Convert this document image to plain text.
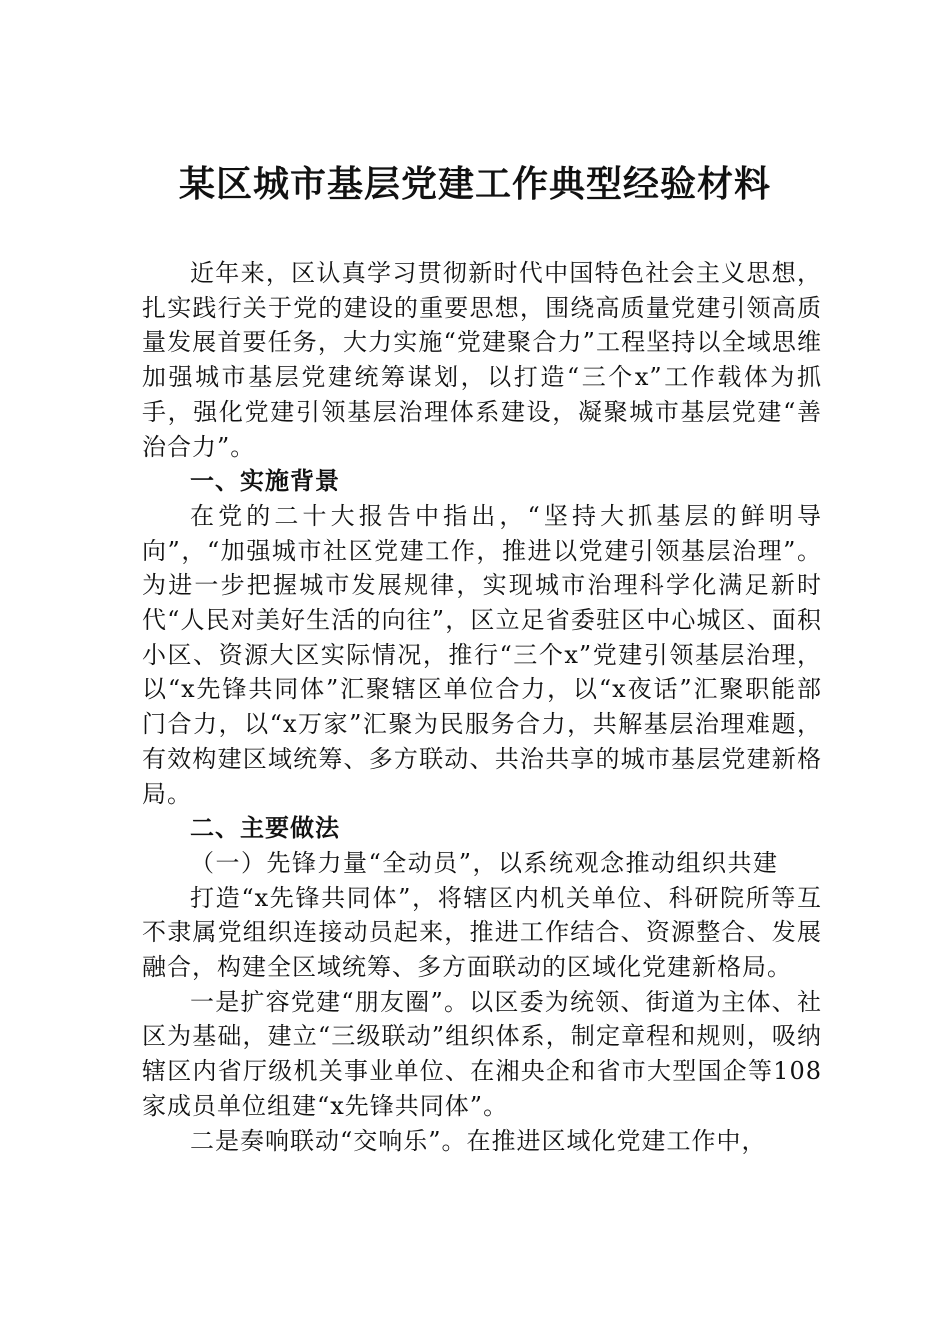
某区城市基层党建工作典型经验材料

近年来，区认真学习贯彻新时代中国特色社会主义思想，扎实践行关于党的建设的重要思想，围绕高质量党建引领高质量发展首要任务，大力实施“党建聚合力”工程坚持以全域思维加强城市基层党建统筹谋划，以打造“三个x”工作载体为抓手，强化党建引领基层治理体系建设，凝聚城市基层党建“善治合力”。

一、实施背景

在党的二十大报告中指出，“坚持大抓基层的鲜明导向”，“加强城市社区党建工作，推进以党建引领基层治理”。为进一步把握城市发展规律，实现城市治理科学化满足新时代“人民对美好生活的向往”，区立足省委驻区中心城区、面积小区、资源大区实际情况，推行“三个x”党建引领基层治理，以“x先锋共同体”汇聚辖区单位合力，以“x夜话”汇聚职能部门合力，以“x万家”汇聚为民服务合力，共解基层治理难题，有效构建区域统筹、多方联动、共治共享的城市基层党建新格局。

二、主要做法

（一）先锋力量“全动员”，以系统观念推动组织共建

打造“x先锋共同体”，将辖区内机关单位、科研院所等互不隶属党组织连接动员起来，推进工作结合、资源整合、发展融合，构建全区域统筹、多方面联动的区域化党建新格局。

一是扩容党建“朋友圈”。以区委为统领、街道为主体、社区为基础，建立“三级联动”组织体系，制定章程和规则，吸纳辖区内省厅级机关事业单位、在湘央企和省市大型国企等108家成员单位组建“x先锋共同体”。

二是奏响联动“交响乐”。在推进区域化党建工作中，
